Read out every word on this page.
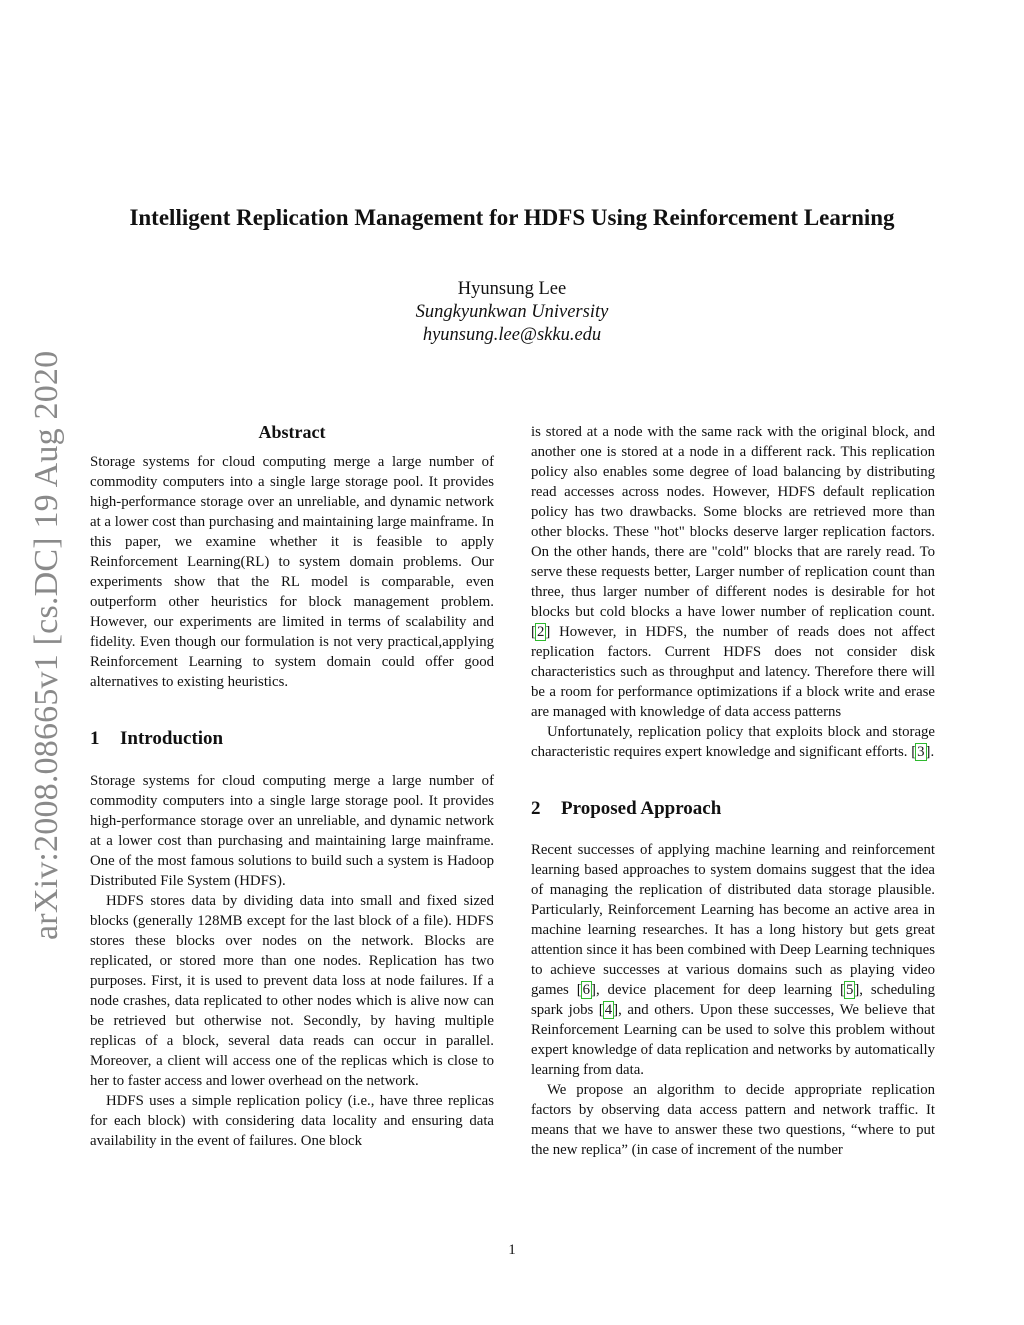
arXiv:2008.08665v1 [cs.DC] 19 Aug 2020
Intelligent Replication Management for HDFS Using Reinforcement Learning
Hyunsung Lee
Sungkyunkwan University
hyunsung.lee@skku.edu
Abstract

Storage systems for cloud computing merge a large number of commodity computers into a single large storage pool. It provides high-performance storage over an unreliable, and dynamic network at a lower cost than purchasing and maintaining large mainframe. In this paper, we examine whether it is feasible to apply Reinforcement Learning(RL) to system domain problems. Our experiments show that the RL model is comparable, even outperform other heuristics for block management problem. However, our experiments are limited in terms of scalability and fidelity. Even though our formulation is not very practical,applying Reinforcement Learning to system domain could offer good alternatives to existing heuristics.

1 Introduction

Storage systems for cloud computing merge a large number of commodity computers into a single large storage pool. It provides high-performance storage over an unreliable, and dynamic network at a lower cost than purchasing and maintaining large mainframe. One of the most famous solutions to build such a system is Hadoop Distributed File System (HDFS).

HDFS stores data by dividing data into small and fixed sized blocks (generally 128MB except for the last block of a file). HDFS stores these blocks over nodes on the network. Blocks are replicated, or stored more than one nodes. Replication has two purposes. First, it is used to prevent data loss at node failures. If a node crashes, data replicated to other nodes which is alive now can be retrieved but otherwise not. Secondly, by having multiple replicas of a block, several data reads can occur in parallel. Moreover, a client will access one of the replicas which is close to her to faster access and lower overhead on the network.

HDFS uses a simple replication policy (i.e., have three replicas for each block) with considering data locality and ensuring data availability in the event of failures. One block

is stored at a node with the same rack with the original block, and another one is stored at a node in a different rack. This replication policy also enables some degree of load balancing by distributing read accesses across nodes. However, HDFS default replication policy has two drawbacks. Some blocks are retrieved more than other blocks. These "hot" blocks deserve larger replication factors. On the other hands, there are "cold" blocks that are rarely read. To serve these requests better, Larger number of replication count than three, thus larger number of different nodes is desirable for hot blocks but cold blocks a have lower number of replication count. [2] However, in HDFS, the number of reads does not affect replication factors. Current HDFS does not consider disk characteristics such as throughput and latency. Therefore there will be a room for performance optimizations if a block write and erase are managed with knowledge of data access patterns

Unfortunately, replication policy that exploits block and storage characteristic requires expert knowledge and significant efforts. [3].

2 Proposed Approach

Recent successes of applying machine learning and reinforcement learning based approaches to system domains suggest that the idea of managing the replication of distributed data storage plausible. Particularly, Reinforcement Learning has become an active area in machine learning researches. It has a long history but gets great attention since it has been combined with Deep Learning techniques to achieve successes at various domains such as playing video games [6], device placement for deep learning [5], scheduling spark jobs [4], and others. Upon these successes, We believe that Reinforcement Learning can be used to solve this problem without expert knowledge of data replication and networks by automatically learning from data.

We propose an algorithm to decide appropriate replication factors by observing data access pattern and network traffic. It means that we have to answer these two questions, “where to put the new replica” (in case of increment of the number

1
